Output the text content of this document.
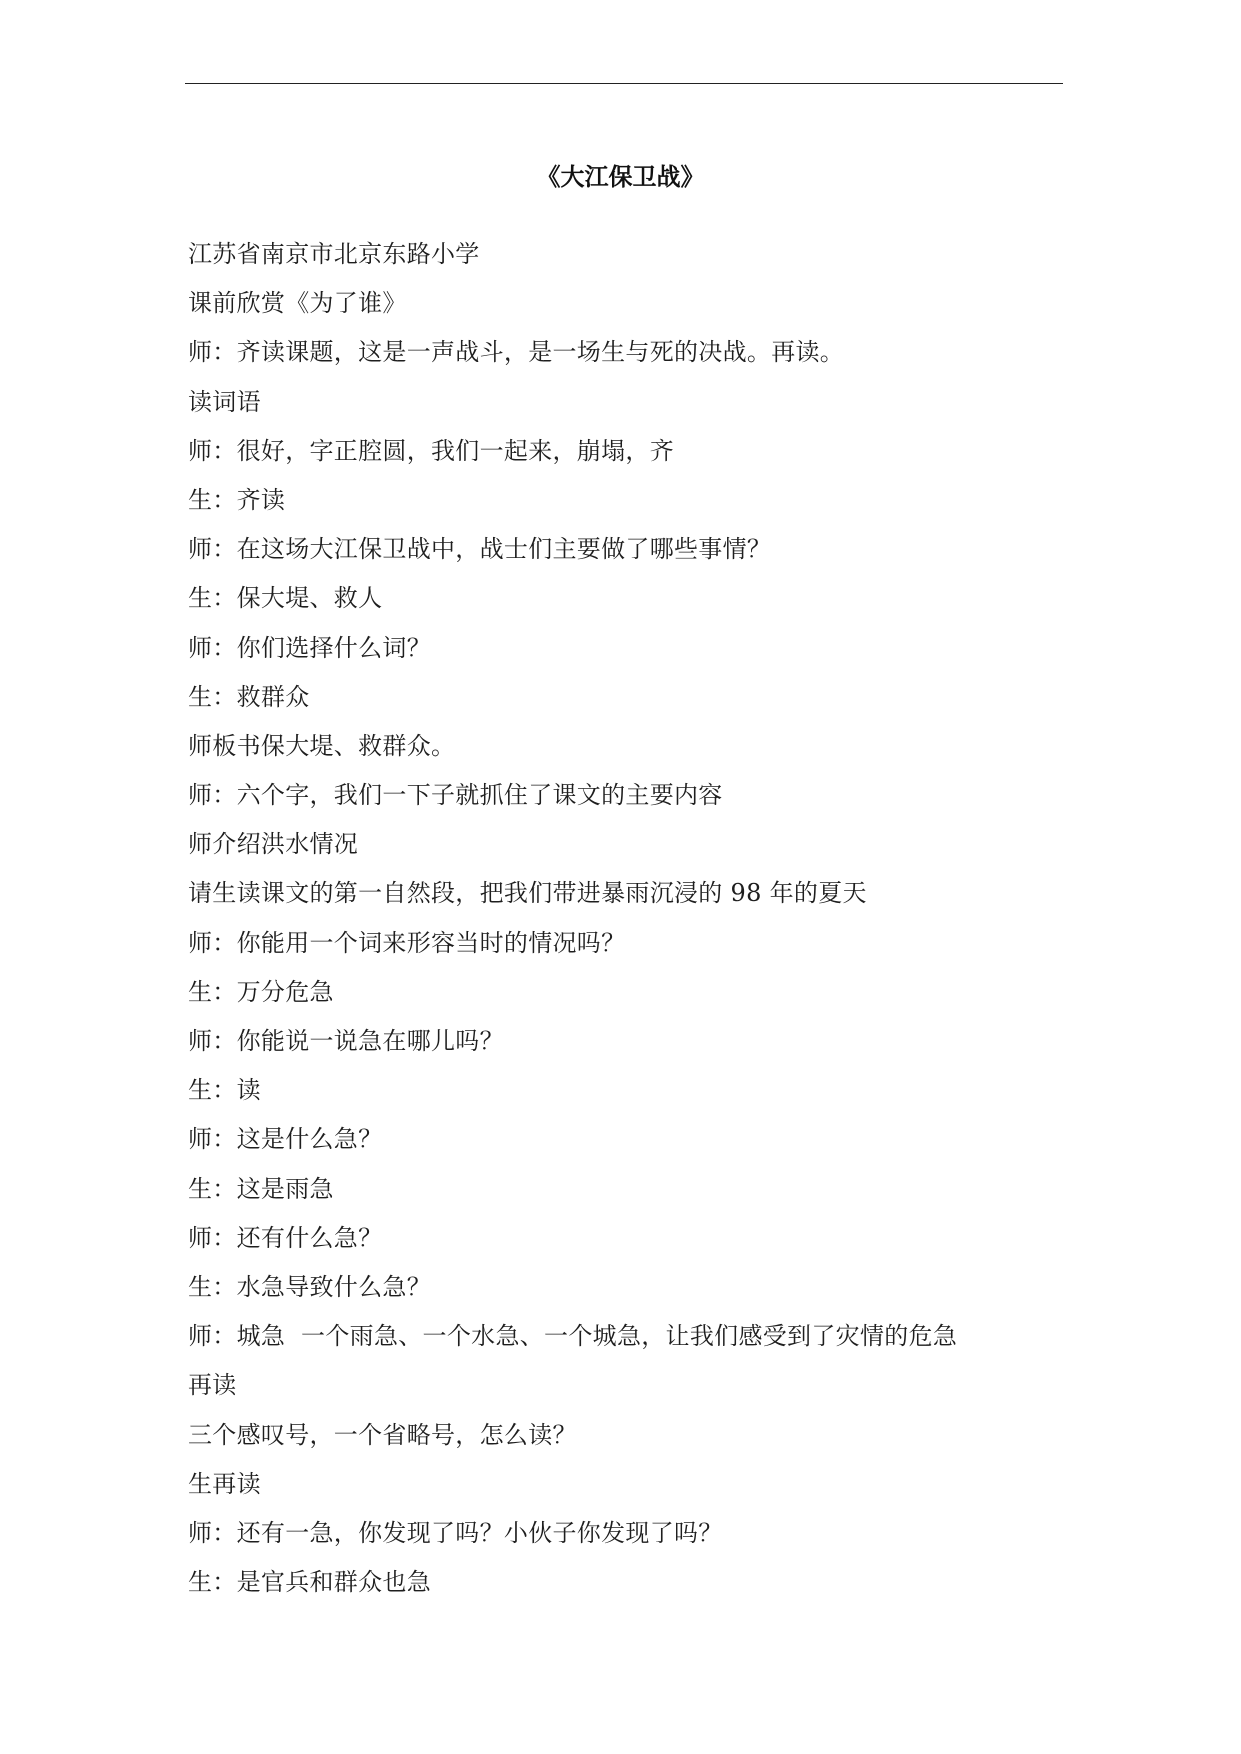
《大江保卫战》
江苏省南京市北京东路小学
课前欣赏《为了谁》
师：齐读课题，这是一声战斗，是一场生与死的决战。再读。
读词语
师：很好，字正腔圆，我们一起来，崩塌，齐
生：齐读
师：在这场大江保卫战中，战士们主要做了哪些事情？
生：保大堤、救人
师：你们选择什么词？
生：救群众
师板书保大堤、救群众。
师：六个字，我们一下子就抓住了课文的主要内容
师介绍洪水情况
请生读课文的第一自然段，把我们带进暴雨沉浸的 98 年的夏天
师：你能用一个词来形容当时的情况吗？
生：万分危急
师：你能说一说急在哪儿吗？
生：读
师：这是什么急？
生：这是雨急
师：还有什么急？
生：水急导致什么急？
师：城急  一个雨急、一个水急、一个城急，让我们感受到了灾情的危急
再读
三个感叹号，一个省略号，怎么读？
生再读
师：还有一急，你发现了吗？小伙子你发现了吗？
生：是官兵和群众也急
